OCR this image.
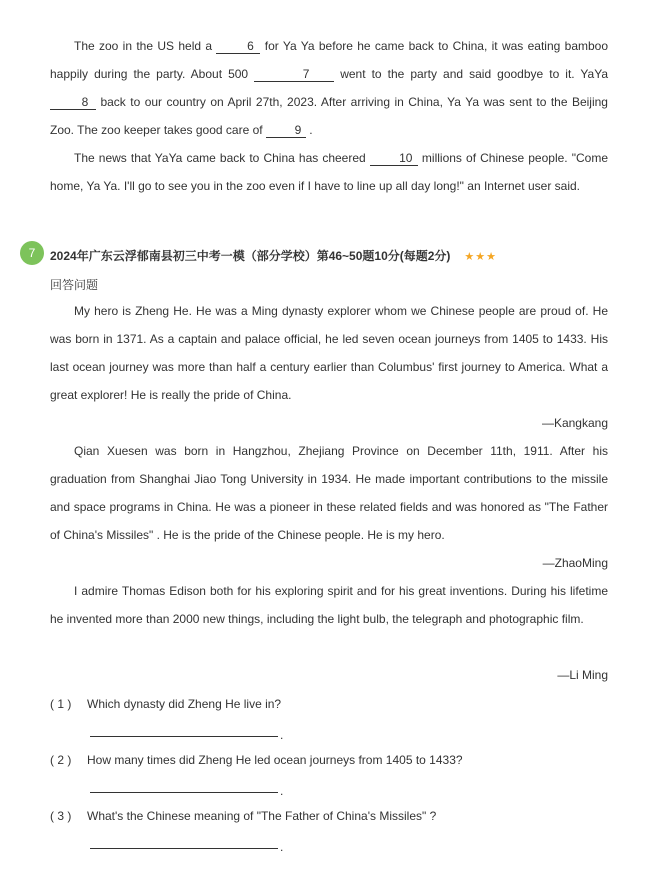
The zoo in the US held a	6 for Ya Ya before he came back to China, it was eating bamboo happily during the party. About 500	7	went to the party and said goodbye to it. YaYa 8 back to our country on April 27th, 2023. After arriving in China, Ya Ya was sent to the Beijing Zoo. The zoo keeper takes good care of	9 .

The news that YaYa came back to China has cheered	10 millions of Chinese people. "Come home, Ya Ya. I'll go to see you in the zoo even if I have to line up all day long!" an Internet user said.

7	2024年广东云浮郁南县初三中考一模（部分学校）第46~50题10分(每题2分) ★★★
回答问题

My hero is Zheng He. He was a Ming dynasty explorer whom we Chinese people are proud of. He was born in 1371. As a captain and palace official, he led seven ocean journeys from 1405 to 1433. His last ocean journey was more than half a century earlier than Columbus' first journey to America. What a great explorer! He is really the pride of China.

—Kangkang

Qian Xuesen was born in Hangzhou, Zhejiang Province on December 11th, 1911. After his graduation from Shanghai Jiao Tong University in 1934. He made important contributions to the missile and space programs in China. He was a pioneer in these related fields and was honored as "The Father of China's Missiles" . He is the pride of the Chinese people. He is my hero.

—ZhaoMing

I admire Thomas Edison both for his exploring spirit and for his great inventions. During his lifetime he invented more than 2000 new things, including the light bulb, the telegraph and photographic film.

—Li Ming
( 1 ) Which dynasty did Zheng He live in?
.
( 2 ) How many times did Zheng He led ocean journeys from 1405 to 1433?
.
( 3 ) What's the Chinese meaning of "The Father of China's Missiles" ?
.
